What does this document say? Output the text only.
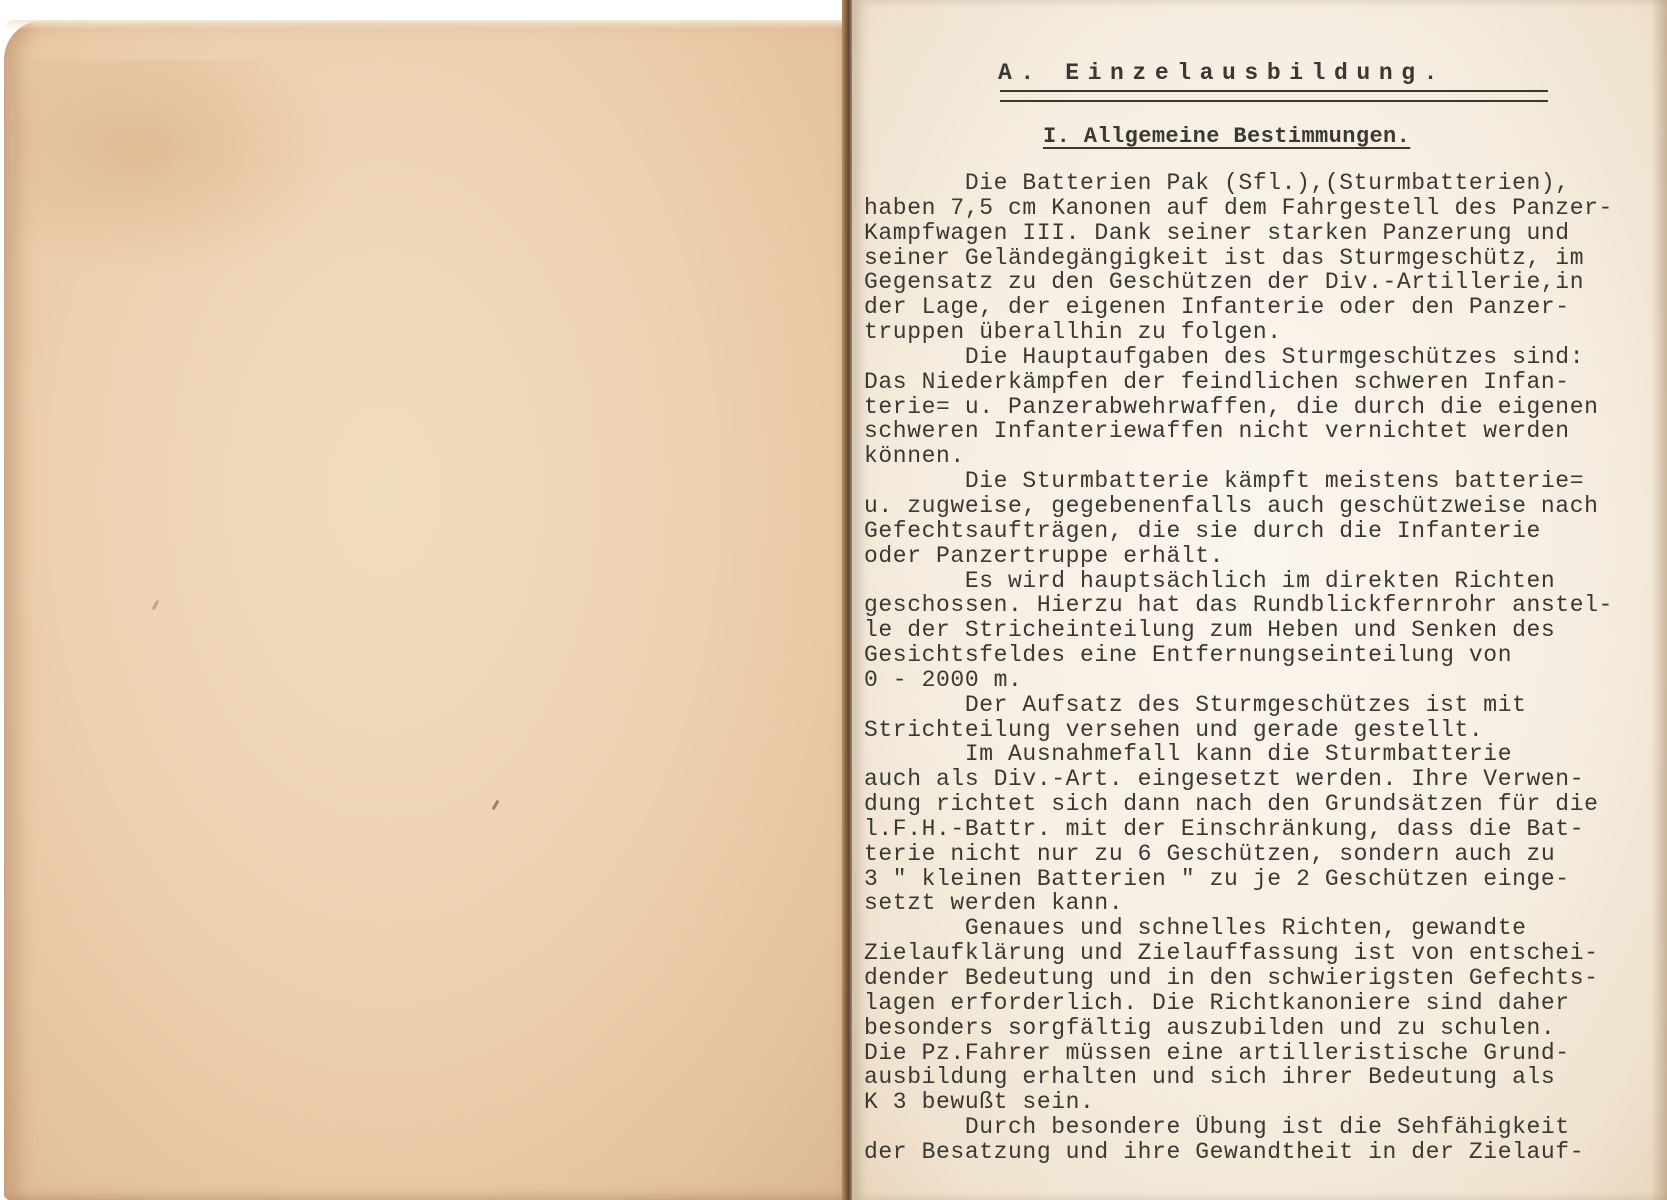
A. Einzelausbildung.
I. Allgemeine Bestimmungen.
Die Batterien Pak (Sfl.),(Sturmbatterien),
haben 7,5 cm Kanonen auf dem Fahrgestell des Panzer-
Kampfwagen III. Dank seiner starken Panzerung und
seiner Geländegängigkeit ist das Sturmgeschütz, im
Gegensatz zu den Geschützen der Div.-Artillerie,in
der Lage, der eigenen Infanterie oder den Panzer-
truppen überallhin zu folgen.
Die Hauptaufgaben des Sturmgeschützes sind:
Das Niederkämpfen der feindlichen schweren Infan-
terie= u. Panzerabwehrwaffen, die durch die eigenen
schweren Infanteriewaffen nicht vernichtet werden
können.
Die Sturmbatterie kämpft meistens batterie=
u. zugweise, gegebenenfalls auch geschützweise nach
Gefechtsaufträgen, die sie durch die Infanterie
oder Panzertruppe erhält.
Es wird hauptsächlich im direkten Richten
geschossen. Hierzu hat das Rundblickfernrohr anstel-
le der Stricheinteilung zum Heben und Senken des
Gesichtsfeldes eine Entfernungseinteilung von
0 - 2000 m.
Der Aufsatz des Sturmgeschützes ist mit
Strichteilung versehen und gerade gestellt.
Im Ausnahmefall kann die Sturmbatterie
auch als Div.-Art. eingesetzt werden. Ihre Verwen-
dung richtet sich dann nach den Grundsätzen für die
l.F.H.-Battr. mit der Einschränkung, dass die Bat-
terie nicht nur zu 6 Geschützen, sondern auch zu
3 " kleinen Batterien " zu je 2 Geschützen einge-
setzt werden kann.
Genaues und schnelles Richten, gewandte
Zielaufklärung und Zielauffassung ist von entschei-
dender Bedeutung und in den schwierigsten Gefechts-
lagen erforderlich. Die Richtkanoniere sind daher
besonders sorgfältig auszubilden und zu schulen.
Die Pz.Fahrer müssen eine artilleristische Grund-
ausbildung erhalten und sich ihrer Bedeutung als
K 3 bewußt sein.
Durch besondere Übung ist die Sehfähigkeit
der Besatzung und ihre Gewandtheit in der Zielauf-
